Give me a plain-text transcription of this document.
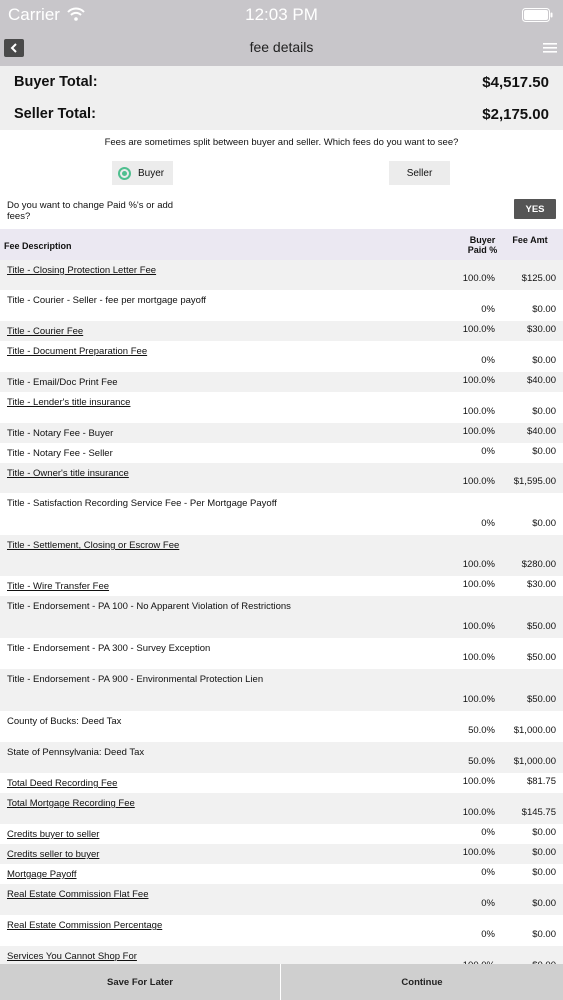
Carrier	12:03 PM
fee details
Buyer Total:	$4,517.50
Seller Total:	$2,175.00
Fees are sometimes split between buyer and seller. Which fees do you want to see?
Buyer	Seller
Do you want to change Paid %'s or add fees?
YES
Fee Description
Buyer Paid %
Fee Amt
Title - Closing Protection Letter Fee
100.0%	$125.00
Title - Courier - Seller - fee per mortgage payoff
0%	$0.00
Title - Courier Fee	100.0%	$30.00
Title - Document Preparation Fee
0%	$0.00
Title - Email/Doc Print Fee	100.0%	$40.00
Title - Lender's title insurance
100.0%	$0.00
Title - Notary Fee - Buyer	100.0%	$40.00
Title - Notary Fee - Seller	0%	$0.00
Title - Owner's title insurance
100.0% $1,595.00
Title - Satisfaction Recording Service Fee - Per Mortgage Payoff
0%	$0.00
Title - Settlement, Closing or Escrow Fee
100.0%	$280.00
Title - Wire Transfer Fee	100.0%	$30.00
Title - Endorsement - PA 100 - No Apparent Violation of Restrictions
100.0%	$50.00
Title - Endorsement - PA 300 - Survey Exception
100.0%	$50.00
Title - Endorsement - PA 900 - Environmental Protection Lien
100.0%	$50.00
County of Bucks: Deed Tax
50.0% $1,000.00
State of Pennsylvania: Deed Tax
50.0% $1,000.00
Total Deed Recording Fee	100.0%	$81.75
Total Mortgage Recording Fee
100.0%	$145.75
Credits buyer to seller	0%	$0.00
Credits seller to buyer	100.0%	$0.00
Mortgage Payoff	0%	$0.00
Real Estate Commission Flat Fee
0%	$0.00
Real Estate Commission Percentage
0%	$0.00
Services You Cannot Shop For
Save For Later	Continue
